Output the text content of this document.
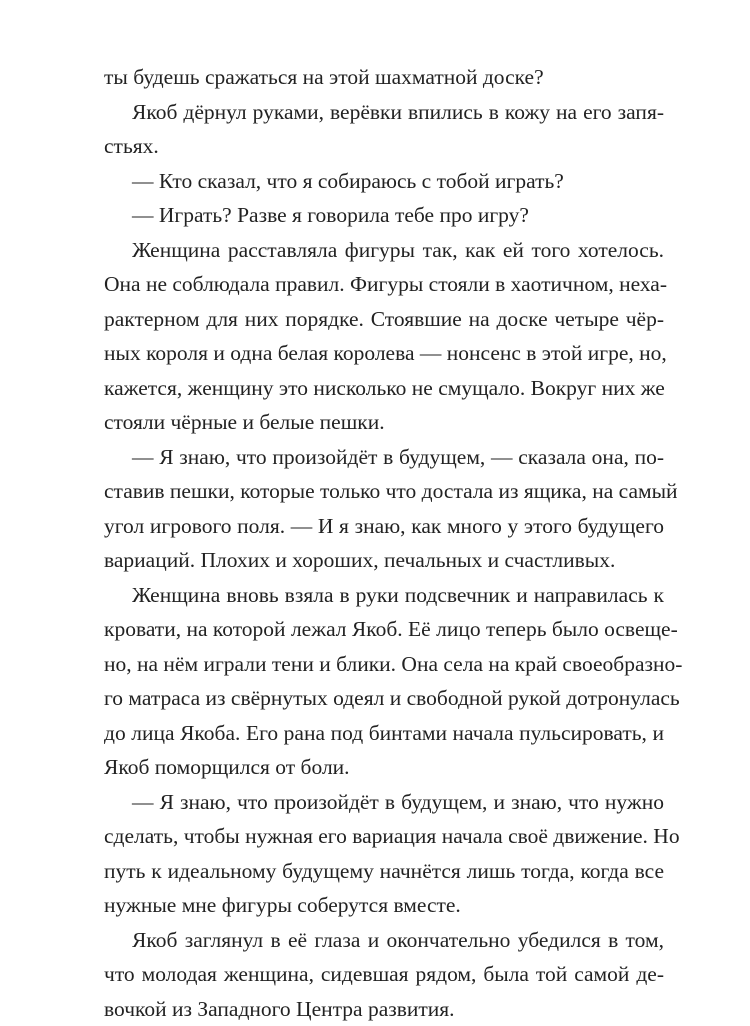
ты будешь сражаться на этой шахматной доске?
Якоб дёрнул руками, верёвки впились в кожу на его запя-
стьях.
— Кто сказал, что я собираюсь с тобой играть?
— Играть? Разве я говорила тебе про игру?
Женщина расставляла фигуры так, как ей того хотелось.
Она не соблюдала правил. Фигуры стояли в хаотичном, неха-
рактерном для них порядке. Стоявшие на доске четыре чёр-
ных короля и одна белая королева — нонсенс в этой игре, но,
кажется, женщину это нисколько не смущало. Вокруг них же
стояли чёрные и белые пешки.
— Я знаю, что произойдёт в будущем, — сказала она, по-
ставив пешки, которые только что достала из ящика, на самый
угол игрового поля. — И я знаю, как много у этого будущего
вариаций. Плохих и хороших, печальных и счастливых.
Женщина вновь взяла в руки подсвечник и направилась к
кровати, на которой лежал Якоб. Её лицо теперь было освеще-
но, на нём играли тени и блики. Она села на край своеобразно-
го матраса из свёрнутых одеял и свободной рукой дотронулась
до лица Якоба. Его рана под бинтами начала пульсировать, и
Якоб поморщился от боли.
— Я знаю, что произойдёт в будущем, и знаю, что нужно
сделать, чтобы нужная его вариация начала своё движение. Но
путь к идеальному будущему начнётся лишь тогда, когда все
нужные мне фигуры соберутся вместе.
Якоб заглянул в её глаза и окончательно убедился в том,
что молодая женщина, сидевшая рядом, была той самой де-
вочкой из Западного Центра развития.
